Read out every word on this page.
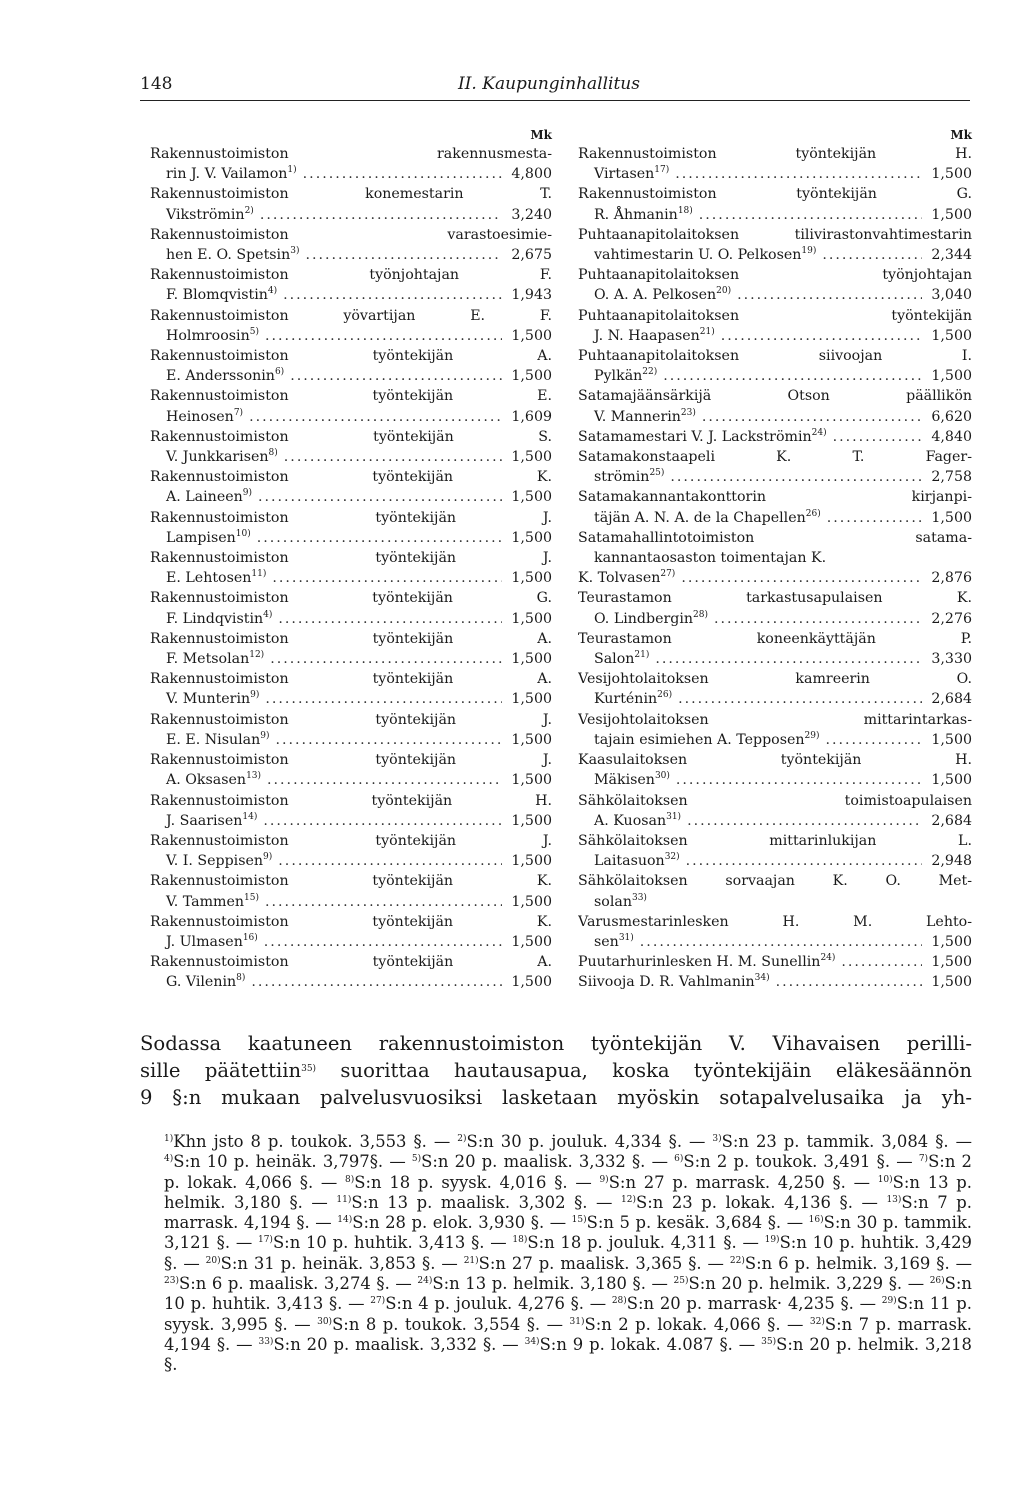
148	II. Kaupunginhallitus
Mk
Rakennustoimiston rakennusmesta-
rin J. V. Vailamon$^{1)}$ .....	4,800
Rakennustoimiston konemestarin T.
Vikströmin$^{2)}$ .....	3,240
Rakennustoimiston varastoesimie-
hen E. O. Spetsin$^{3)}$ .....	2,675
Rakennustoimiston työnjohtajan F.
F. Blomqvistin$^{4)}$ .....	1,943
Rakennustoimiston yövartijan E. F.
Holmroosin$^{5)}$ .....	1,500
Rakennustoimiston työntekijän A.
E. Anderssonin$^{6)}$ .....	1,500
Rakennustoimiston työntekijän E.
Heinosen$^{7)}$ .....	1,609
Rakennustoimiston työntekijän S.
V. Junkkarisen$^{8)}$ .....	1,500
Rakennustoimiston työntekijän K.
A. Laineen$^{9)}$ .....	1,500
Rakennustoimiston työntekijän J.
Lampisen$^{10)}$ .....	1,500
Rakennustoimiston työntekijän J.
E. Lehtosen$^{11)}$ .....	1,500
Rakennustoimiston työntekijän G.
F. Lindqvistin$^{4)}$ .....	1,500
Rakennustoimiston työntekijän A.
F. Metsolan$^{12)}$ .....	1,500
Rakennustoimiston työntekijän A.
V. Munterin$^{9)}$ .....	1,500
Rakennustoimiston työntekijän J.
E. E. Nisulan$^{9)}$ .....	1,500
Rakennustoimiston työntekijän J.
A. Oksasen$^{13)}$ .....	1,500
Rakennustoimiston työntekijän H.
J. Saarisen$^{14)}$ .....	1,500
Rakennustoimiston työntekijän J.
V. I. Seppisen$^{9)}$ .....	1,500
Rakennustoimiston työntekijän K.
V. Tammen$^{15)}$ .....	1,500
Rakennustoimiston työntekijän K.
J. Ulmasen$^{16)}$ .....	1,500
Rakennustoimiston työntekijän A.
G. Vilenin$^{8)}$ .....	1,500
Mk
Rakennustoimiston työntekijän H.
Virtasen$^{17)}$ .....	1,500
Rakennustoimiston työntekijän G.
R. Åhmanin$^{18)}$ .....	1,500
Puhtaanapitolaitoksen tilivirastonvahtimestarin
vahtimestarin U. O. Pelkosen$^{19)}$ .....	2,344
Puhtaanapitolaitoksen työnjohtajan
O. A. A. Pelkosen$^{20)}$ .....	3,040
Puhtaanapitolaitoksen työntekijän
J. N. Haapasen$^{21)}$ .....	1,500
Puhtaanapitolaitoksen siivoojan I.
Pylkän$^{22)}$ .....	1,500
Satamajäänsärkijä Otson päällikön
V. Mannerin$^{23)}$ .....	6,620
Satamamestari V. J. Lackströmin$^{24)}$ .....	4,840
Satamakonstaapeli K. T. Fager-
strömin$^{25)}$ .....	2,758
Satamakannantakonttorin kirjanpi-
täjän A. N. A. de la Chapellen$^{26)}$ .....	1,500
Satamahallintotoimiston satama-
kannantaosaston toimentajan K.
K. Tolvasen$^{27)}$ .....	2,876
Teurastamon tarkastusapulaisen K.
O. Lindbergin$^{28)}$ .....	2,276
Teurastamon koneenkäyttäjän P.
Salon$^{21)}$ .....	3,330
Vesijohtolaitoksen kamreerin O.
Kurténin$^{26)}$ .....	2,684
Vesijohtolaitoksen mittarintarkas-
tajain esimiehen A. Tepposen$^{29)}$ .....	1,500
Kaasulaitoksen työntekijän H.
Mäkisen$^{30)}$ .....	1,500
Sähkölaitoksen toimistoapulaisen
A. Kuosan$^{31)}$ .....	2,684
Sähkölaitoksen mittarinlukijan L.
Laitasuon$^{32)}$ .....	2,948
Sähkölaitoksen sorvaajan K. O. Met-
solan$^{33)}$
Varusmestarinlesken H. M. Lehto-
sen$^{31)}$ .....	1,500
Puutarhurinlesken H. M. Sunellin$^{24)}$ .....	1,500
Siivooja D. R. Vahlmanin$^{34)}$ .....	1,500
Sodassa kaatuneen rakennustoimiston työntekijän V. Vihavaisen perilli-
sille päätettiin$^{35)}$ suorittaa hautausapua, koska työntekijäin eläkesäännön
9 §:n mukaan palvelusvuosiksi lasketaan myöskin sotapalvelusaika ja yh-
$^{1)}$Khn jsto 8 p. toukok. 3,553 §. — $^{2)}$S:n 30 p. jouluk. 4,334 §. — $^{3)}$S:n 23 p. tammik. 3,084 §. — $^{4)}$S:n 10 p. heinäk. 3,797§. — $^{5)}$S:n 20 p. maalisk. 3,332 §. — $^{6)}$S:n 2 p. toukok. 3,491 §. — $^{7)}$S:n 2 p. lokak. 4,066 §. — $^{8)}$S:n 18 p. syysk. 4,016 §. — $^{9)}$S:n 27 p. marrask. 4,250 §. — $^{10)}$S:n 13 p. helmik. 3,180 §. — $^{11)}$S:n 13 p. maalisk. 3,302 §. — $^{12)}$S:n 23 p. lokak. 4,136 §. — $^{13)}$S:n 7 p. marrask. 4,194 §. — $^{14)}$S:n 28 p. elok. 3,930 §. — $^{15)}$S:n 5 p. kesäk. 3,684 §. — $^{16)}$S:n 30 p. tammik. 3,121 §. — $^{17)}$S:n 10 p. huhtik. 3,413 §. — $^{18)}$S:n 18 p. jouluk. 4,311 §. — $^{19)}$S:n 10 p. huhtik. 3,429 §. — $^{20)}$S:n 31 p. heinäk. 3,853 §. — $^{21)}$S:n 27 p. maalisk. 3,365 §. — $^{22)}$S:n 6 p. helmik. 3,169 §. — $^{23)}$S:n 6 p. maalisk. 3,274 §. — $^{24)}$S:n 13 p. helmik. 3,180 §. — $^{25)}$S:n 20 p. helmik. 3,229 §. — $^{26)}$S:n 10 p. huhtik. 3,413 §. — $^{27)}$S:n 4 p. jouluk. 4,276 §. — $^{28)}$S:n 20 p. marrask· 4,235 §. — $^{29)}$S:n 11 p. syysk. 3,995 §. — $^{30)}$S:n 8 p. toukok. 3,554 §. — $^{31)}$S:n 2 p. lokak. 4,066 §. — $^{32)}$S:n 7 p. marrask. 4,194 §. — $^{33)}$S:n 20 p. maalisk. 3,332 §. — $^{34)}$S:n 9 p. lokak. 4.087 §. — $^{35)}$S:n 20 p. helmik. 3,218 §.
